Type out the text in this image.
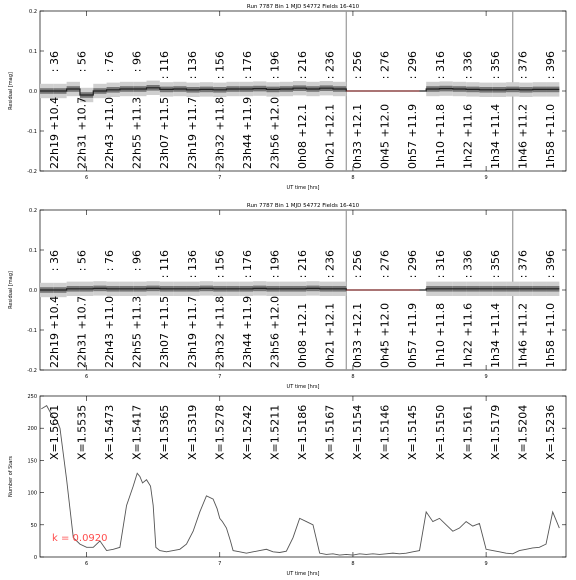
Run 7787 Bin 1 MJD 54772 Fields 16-410
-0.2
-0.1
0.0
0.1
0.2
6	7	8	9
UT time [hrs]
Residual [mag]
: 36
22h19 +10.4
: 56
22h31 +10.7
: 76
22h43 +11.0
: 96
22h55 +11.3
: 116
23h07 +11.5
: 136
23h19 +11.7
: 156
23h32 +11.8
: 176
23h44 +11.9
: 196
23h56 +12.0
: 216
0h08 +12.1
: 236
0h21 +12.1
: 256
0h33 +12.1
: 276
0h45 +12.0
: 296
0h57 +11.9
: 316
1h10 +11.8
: 336
1h22 +11.6
: 356
1h34 +11.4
: 376
1h46 +11.2
: 396
1h58 +11.0
Run 7787 Bin 1 MJD 54772 Fields 16-410
-0.2
-0.1
0.0
0.1
0.2
6	7	8	9
UT time [hrs]
Residual [mag]
: 36
22h19 +10.4
: 56
22h31 +10.7
: 76
22h43 +11.0
: 96
22h55 +11.3
: 116
23h07 +11.5
: 136
23h19 +11.7
: 156
23h32 +11.8
: 176
23h44 +11.9
: 196
23h56 +12.0
: 216
0h08 +12.1
: 236
0h21 +12.1
: 256
0h33 +12.1
: 276
0h45 +12.0
: 296
0h57 +11.9
: 316
1h10 +11.8
: 336
1h22 +11.6
: 356
1h34 +11.4
: 376
1h46 +11.2
: 396
1h58 +11.0
0
50
100
150
200
250
6	7	8	9
UT time [hrs]
Number of Stars
X=1.5601 X=1.5535 X=1.5473 X=1.5417 X=1.5365 X=1.5319 X=1.5278 X=1.5242 X=1.5211 X=1.5186 X=1.5167 X=1.5154 X=1.5146 X=1.5145 X=1.5150 X=1.5161 X=1.5179 X=1.5204 X=1.5236
k = 0.0920
